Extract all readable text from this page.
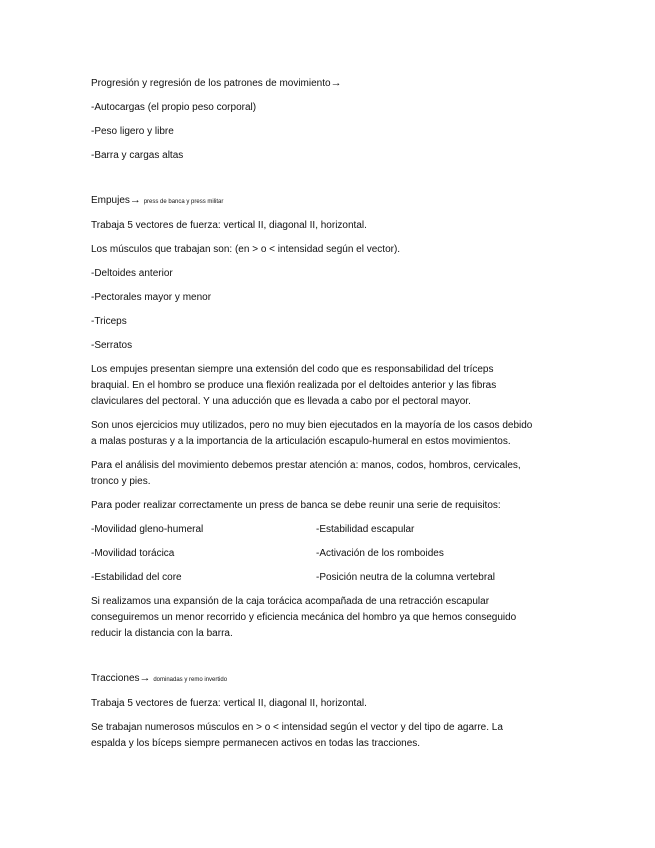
Progresión y regresión de los patrones de movimiento→

-Autocargas (el propio peso corporal)

-Peso ligero y libre

-Barra y cargas altas

Empujes→ press de banca y press militar

Trabaja 5 vectores de fuerza: vertical II, diagonal II, horizontal.

Los músculos que trabajan son: (en > o < intensidad según el vector).

-Deltoides anterior

-Pectorales mayor y menor

-Triceps

-Serratos

Los empujes presentan siempre una extensión del codo que es responsabilidad del tríceps

braquial. En el hombro se produce una flexión realizada por el deltoides anterior y las fibras

claviculares del pectoral. Y una aducción que es llevada a cabo por el pectoral mayor.

Son unos ejercicios muy utilizados, pero no muy bien ejecutados en la mayoría de los casos debido

a malas posturas y a la importancia de la articulación escapulo-humeral en estos movimientos.

Para el análisis del movimiento debemos prestar atención a: manos, codos, hombros, cervicales,

tronco y pies.

Para poder realizar correctamente un press de banca se debe reunir una serie de requisitos:

-Movilidad gleno-humeral	-Estabilidad escapular

-Movilidad torácica	-Activación de los romboides

-Estabilidad del core	-Posición neutra de la columna vertebral

Si realizamos una expansión de la caja torácica acompañada de una retracción escapular

conseguiremos un menor recorrido y eficiencia mecánica del hombro ya que hemos conseguido

reducir la distancia con la barra.

Tracciones→ dominadas y remo invertido

Trabaja 5 vectores de fuerza: vertical II, diagonal II, horizontal.

Se trabajan numerosos músculos en > o < intensidad según el vector y del tipo de agarre. La

espalda y los bíceps siempre permanecen activos en todas las tracciones.
